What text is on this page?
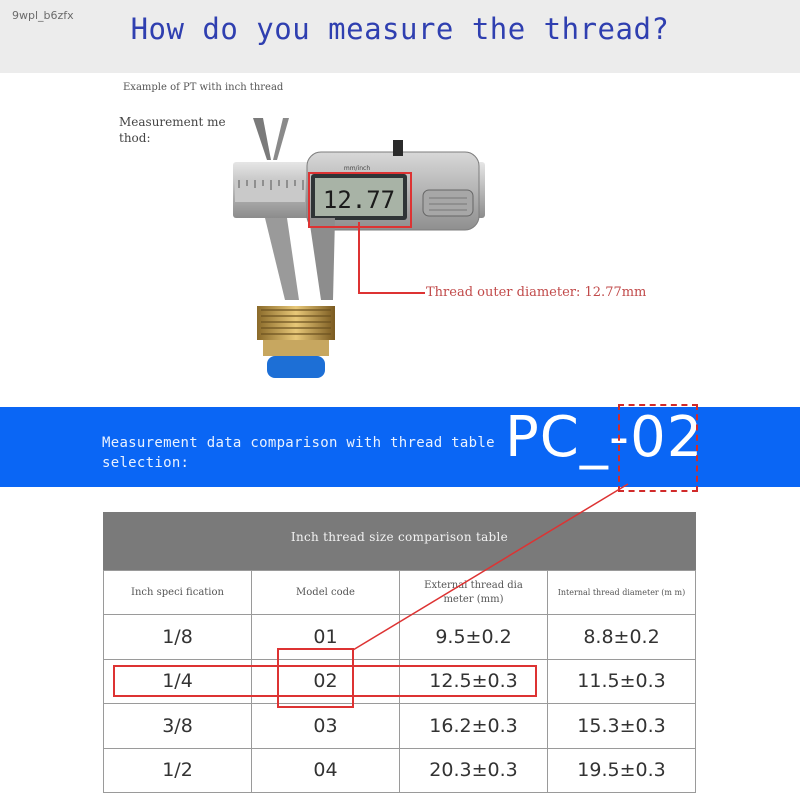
How do you measure the thread?
9wpl_b6zfx
Example of PT with inch thread
Measurement me thod:
12.77
mm/inch
Thread outer diameter: 12.77mm
Measurement data comparison with thread table selection:	PC_-02
Inch thread size comparison table
Inch speci fication	Model code	External thread dia meter (mm)	Internal thread diameter (m m)
1/8	01	9.5±0.2	8.8±0.2
1/4	02	12.5±0.3	11.5±0.3
3/8	03	16.2±0.3	15.3±0.3
1/2	04	20.3±0.3	19.5±0.3
